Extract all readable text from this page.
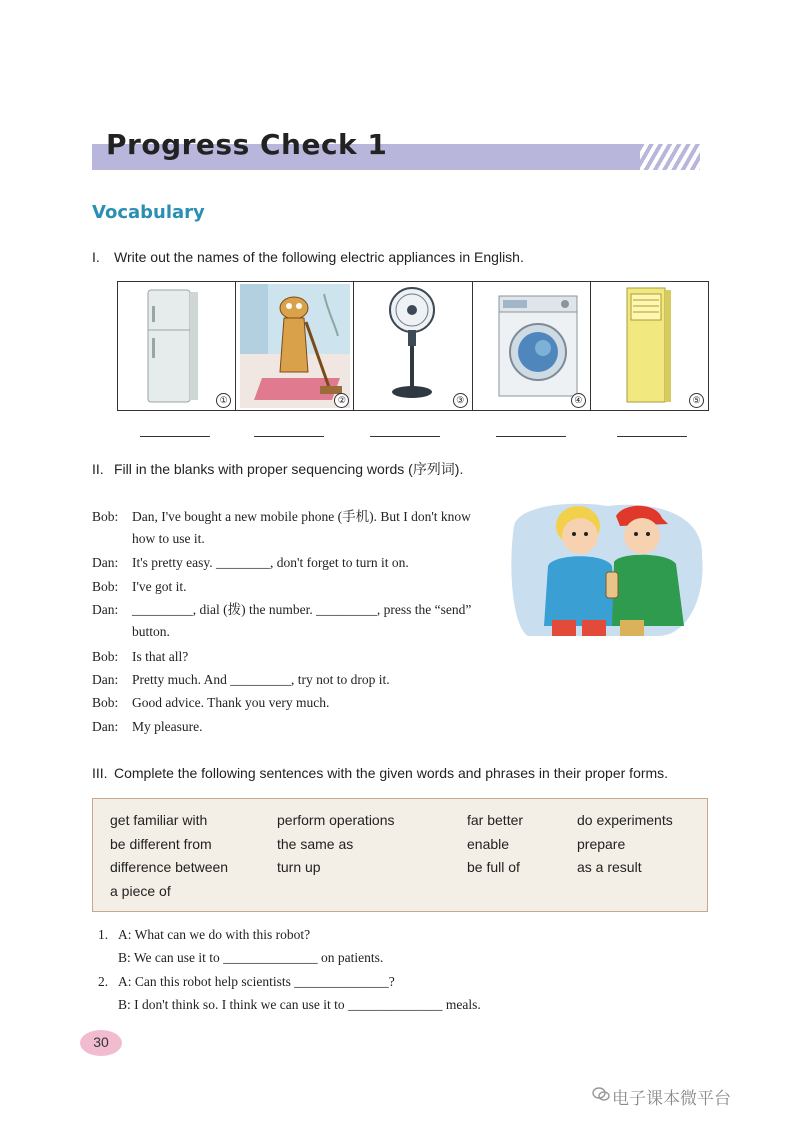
Progress Check 1
Vocabulary
I. Write out the names of the following electric appliances in English.
①	②	③	④	⑤
II. Fill in the blanks with proper sequencing words (序列词).
Bob:	Dan, I've bought a new mobile phone (手机). But I don't know how to use it.
Dan:	It's pretty easy. ________, don't forget to turn it on.
Bob:	I've got it.
Dan:	_________, dial (拨) the number. _________, press the “send” button.
Bob:	Is that all?
Dan:	Pretty much. And _________, try not to drop it.
Bob:	Good advice. Thank you very much.
Dan:	My pleasure.
III. Complete the following sentences with the given words and phrases in their proper forms.
get familiar with	perform operations	far better	do experiments
be different from	the same as	enable	prepare
difference between	turn up	be full of	as a result
a piece of
1. A: What can we do with this robot?
B: We can use it to ______________ on patients.
2. A: Can this robot help scientists ______________?
B: I don't think so. I think we can use it to ______________ meals.
30
电子课本微平台
